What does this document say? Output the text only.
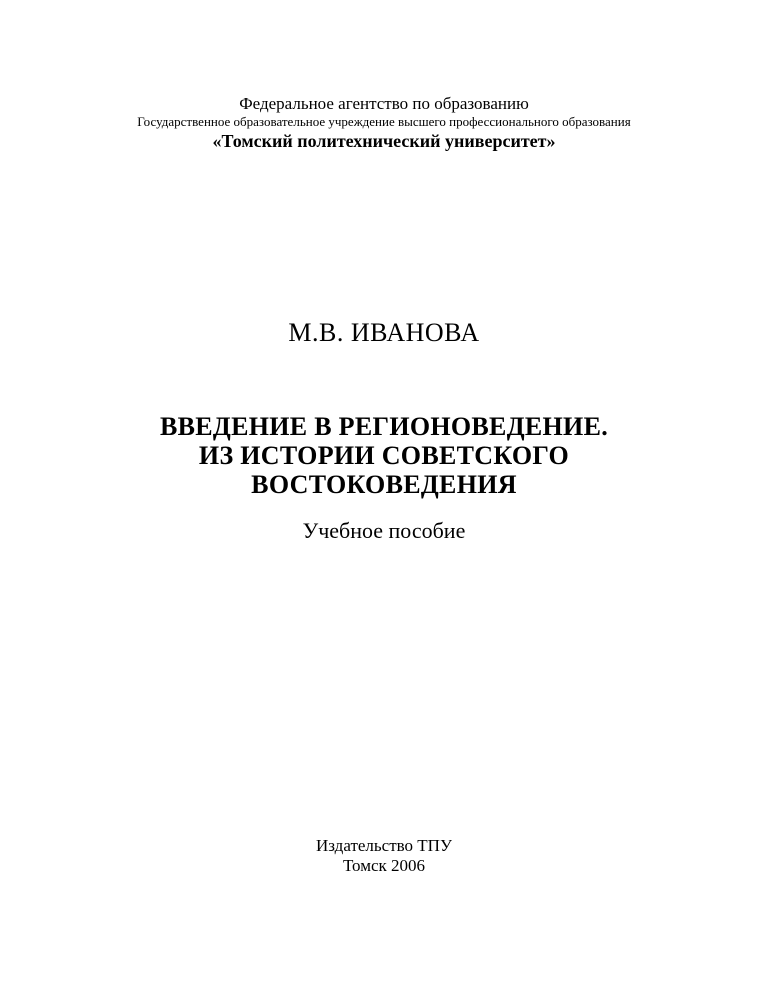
Федеральное агентство по образованию
Государственное образовательное учреждение высшего профессионального образования
«Томский политехнический университет»
М.В. ИВАНОВА
ВВЕДЕНИЕ В РЕГИОНОВЕДЕНИЕ.
ИЗ ИСТОРИИ СОВЕТСКОГО
ВОСТОКОВЕДЕНИЯ
Учебное пособие
Издательство ТПУ
Томск 2006
